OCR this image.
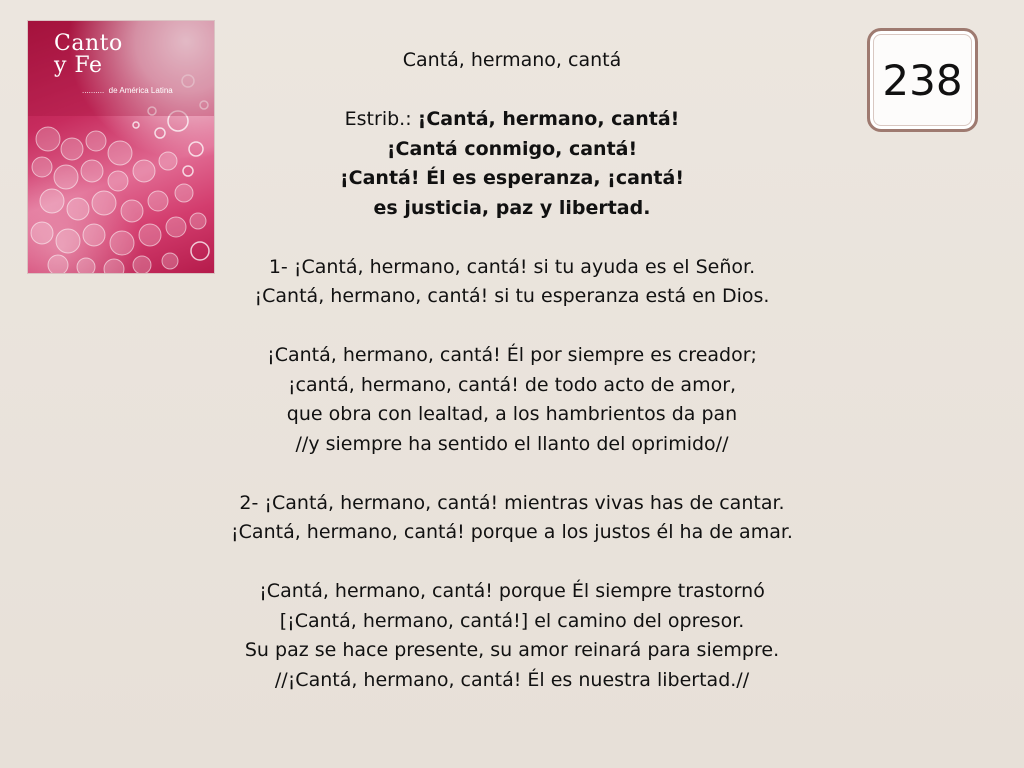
Canto
y Fe
..........  de América Latina	238
Cantá, hermano, cantá
Estrib.: ¡Cantá, hermano, cantá!
¡Cantá conmigo, cantá!
¡Cantá! Él es esperanza, ¡cantá!
es justicia, paz y libertad.
1- ¡Cantá, hermano, cantá! si tu ayuda es el Señor.
¡Cantá, hermano, cantá! si tu esperanza está en Dios.
¡Cantá, hermano, cantá! Él por siempre es creador;
¡cantá, hermano, cantá! de todo acto de amor,
que obra con lealtad, a los hambrientos da pan
//y siempre ha sentido el llanto del oprimido//
2- ¡Cantá, hermano, cantá! mientras vivas has de cantar.
¡Cantá, hermano, cantá! porque a los justos él ha de amar.
¡Cantá, hermano, cantá! porque Él siempre trastornó
[¡Cantá, hermano, cantá!] el camino del opresor.
Su paz se hace presente, su amor reinará para siempre.
//¡Cantá, hermano, cantá! Él es nuestra libertad.//
